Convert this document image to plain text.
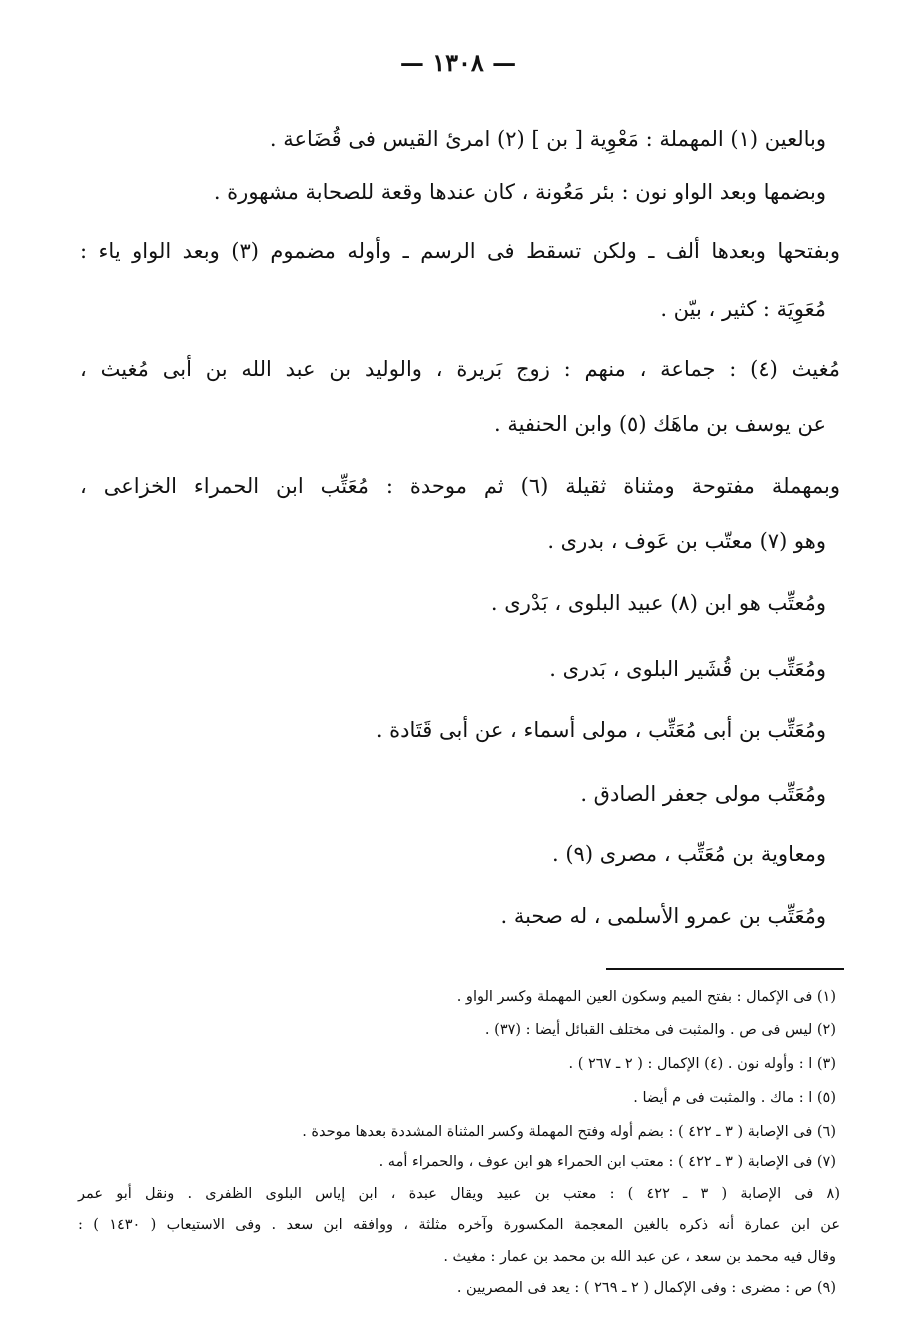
— ١٣٠٨ —
وبالعين (١) المهملة : مَعْوِية [ بن ] (٢) امرئ القيس فى قُضَاعة .
وبضمها وبعد الواو نون : بئر مَعُونة ، كان عندها وقعة للصحابة مشهورة .
وبفتحها وبعدها ألف ـ ولكن تسقط فى الرسم ـ وأوله مضموم (٣) وبعد الواو ياء :
مُعَوِيَة : كثير ، بيّن .
مُغيث (٤) : جماعة ، منهم : زوج بَريرة ، والوليد بن عبد الله بن أبى مُغيث ،
عن يوسف بن ماهَك (٥) وابن الحنفية .
وبمهملة مفتوحة ومثناة ثقيلة (٦) ثم موحدة : مُعَتِّب ابن الحمراء الخزاعى ،
وهو (٧) معتّب بن عَوف ، بدرى .
ومُعتِّب هو ابن (٨) عبيد البلوى ، بَدْرى .
ومُعَتِّب بن قُشَير البلوى ، بَدرى .
ومُعَتِّب بن أبى مُعَتِّب ، مولى أسماء ، عن أبى قَتَادة .
ومُعَتِّب مولى جعفر الصادق .
ومعاوية بن مُعَتِّب ، مصرى (٩) .
ومُعَتِّب بن عمرو الأسلمى ، له صحبة .
(١) فى الإكمال : بفتح الميم وسكون العين المهملة وكسر الواو .
(٢) ليس فى ص . والمثبت فى مختلف القبائل أيضا : (٣٧) .
(٣) ا : وأوله نون . (٤) الإكمال : ( ٢ ـ ٢٦٧ ) .
(٥) ا : ماك . والمثبت فى م أيضا .
(٦) فى الإصابة ( ٣ ـ ٤٢٢ ) : بضم أوله وفتح المهملة وكسر المثناة المشددة بعدها موحدة .
(٧) فى الإصابة ( ٣ ـ ٤٢٢ ) : معتب ابن الحمراء هو ابن عوف ، والحمراء أمه .
(٨ فى الإصابة ( ٣ ـ ٤٢٢ ) : معتب بن عبيد ويقال عبدة ، ابن إياس البلوى الظفرى . ونقل أبو عمر
عن ابن عمارة أنه ذكره بالغين المعجمة المكسورة وآخره مثلثة ، ووافقه ابن سعد . وفى الاستيعاب ( ١٤٣٠ ) :
وقال فيه محمد بن سعد ، عن عبد الله بن محمد بن عمار : مغيث .
(٩) ص : مضرى : وفى الإكمال ( ٢ ـ ٢٦٩ ) : يعد فى المصريين .
